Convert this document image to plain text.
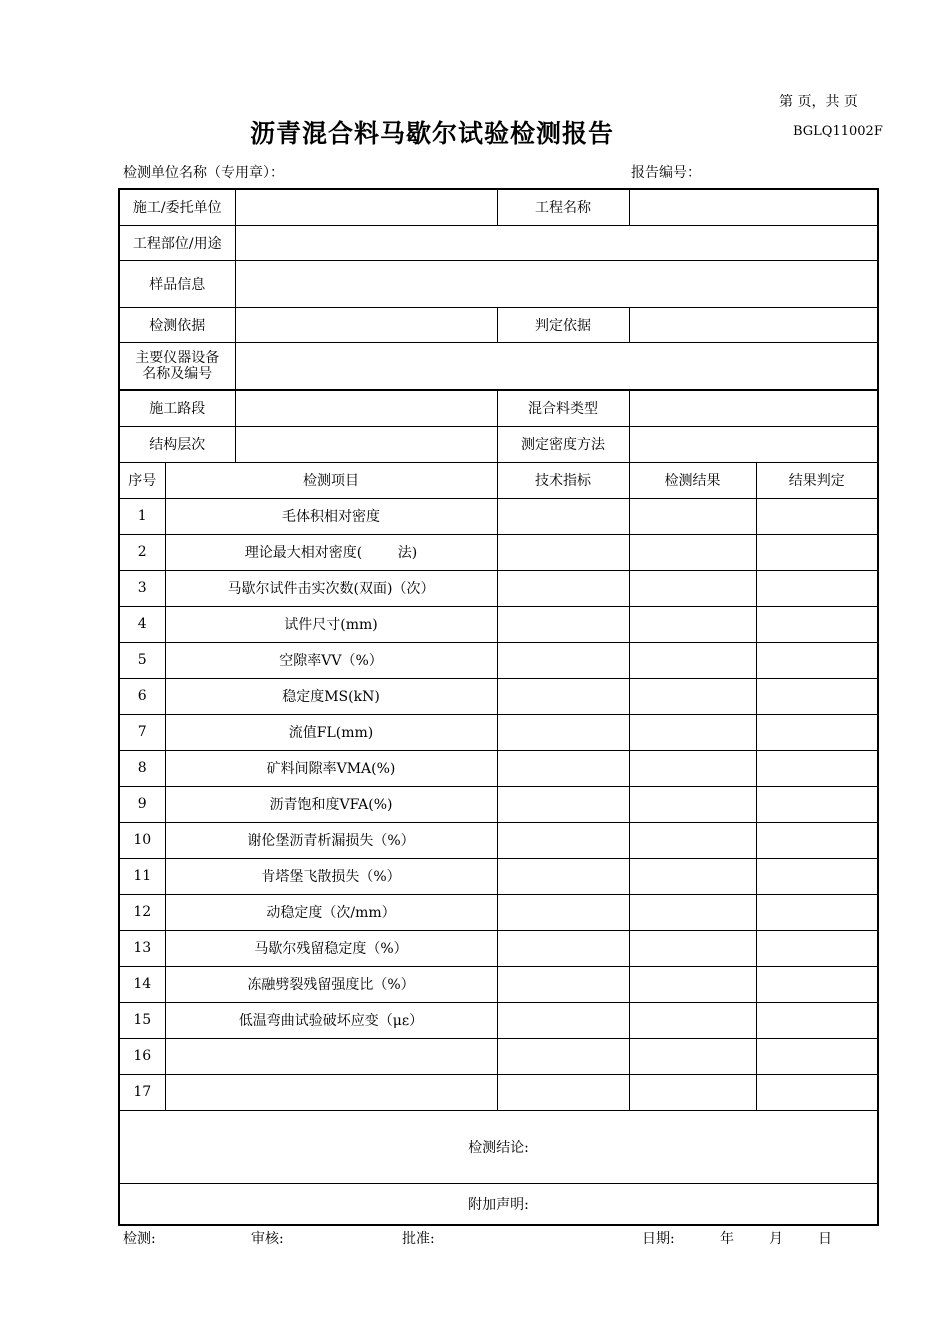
第 页，共 页
沥青混合料马歇尔试验检测报告	BGLQ11002F
检测单位名称（专用章）：	报告编号：
施工/委托单位			工程名称		
工程部位/用途					
样品信息					
检测依据			判定依据		

主要仪器设备
名称及编号					

施工路段			混合料类型		
结构层次			测定密度方法		
序号	检测项目		技术指标	检测结果	结果判定
1	毛体积相对密度				
2	理论最大相对密度(        法)				
3	马歇尔试件击实次数(双面)（次）				
4	试件尺寸(mm)				
5	空隙率VV（%）				
6	稳定度MS(kN)				
7	流值FL(mm)				
8	矿料间隙率VMA(%)				
9	沥青饱和度VFA(%)				
10	谢伦堡沥青析漏损失（%）				
11	肯塔堡飞散损失（%）				
12	动稳定度（次/mm）				
13	马歇尔残留稳定度（%）				
14	冻融劈裂残留强度比（%）				
15	低温弯曲试验破坏应变（με）				
16					
17					
检测结论:					
附加声明:					
检测:	审核:	批准:	日期:	年	月	日
